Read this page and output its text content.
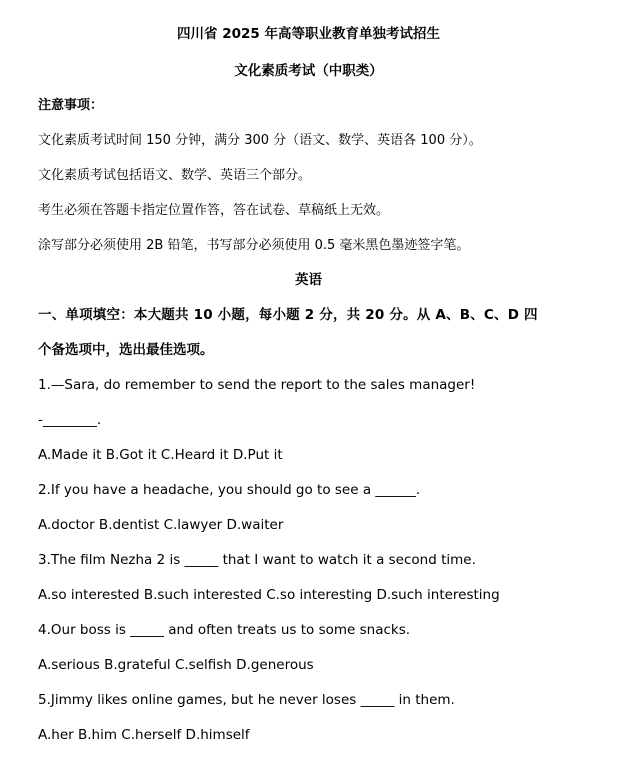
四川省 2025 年高等职业教育单独考试招生
文化素质考试（中职类）
注意事项：
文化素质考试时间 150 分钟，满分 300 分（语文、数学、英语各 100 分）。
文化素质考试包括语文、数学、英语三个部分。
考生必须在答题卡指定位置作答，答在试卷、草稿纸上无效。
涂写部分必须使用 2B 铅笔，书写部分必须使用 0.5 毫米黑色墨迹签字笔。
英语
一、单项填空：本大题共 10 小题，每小题 2 分，共 20 分。从 A、B、C、D 四
个备选项中，选出最佳选项。
1.—Sara, do remember to send the report to the sales manager!
-________.
A.Made it B.Got it C.Heard it D.Put it
2.If you have a headache, you should go to see a ______.
A.doctor B.dentist C.lawyer D.waiter
3.The film Nezha 2 is _____ that I want to watch it a second time.
A.so interested B.such interested C.so interesting D.such interesting
4.Our boss is _____ and often treats us to some snacks.
A.serious B.grateful C.selfish D.generous
5.Jimmy likes online games, but he never loses _____ in them.
A.her B.him C.herself D.himself
